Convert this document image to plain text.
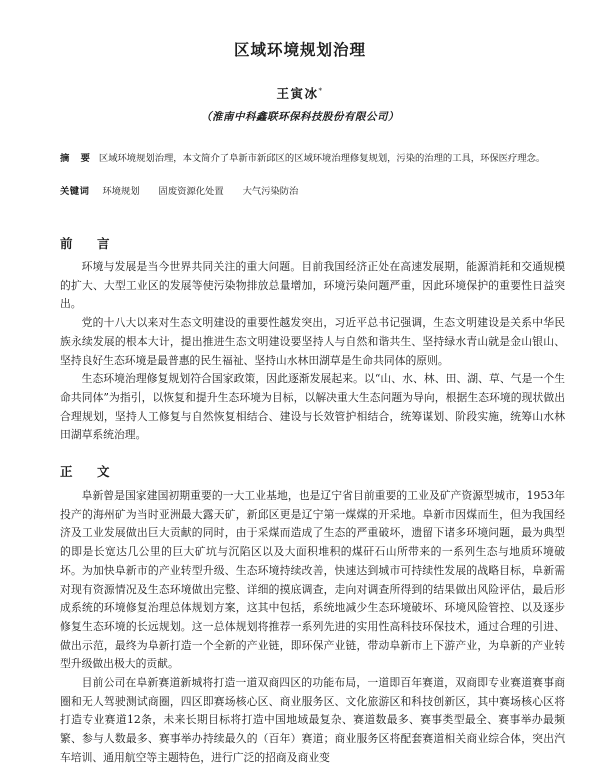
区域环境规划治理
王寅冰*
（淮南中科鑫联环保科技股份有限公司）
摘　要 区域环境规划治理，本文简介了阜新市新邱区的区域环境治理修复规划，污染的治理的工具，环保医疗理念。
关键词 环境规划 固废资源化处置 大气污染防治
前　言

环境与发展是当今世界共同关注的重大问题。目前我国经济正处在高速发展期，能源消耗和交通规模的扩大、大型工业区的发展等使污染物排放总量增加，环境污染问题严重，因此环境保护的重要性日益突出。

党的十八大以来对生态文明建设的重要性越发突出，习近平总书记强调，生态文明建设是关系中华民族永续发展的根本大计，提出推进生态文明建设要坚持人与自然和谐共生、坚持绿水青山就是金山银山、坚持良好生态环境是最普惠的民生福祉、坚持山水林田湖草是生命共同体的原则。

生态环境治理修复规划符合国家政策，因此逐渐发展起来。以“山、水、林、田、湖、草、气是一个生命共同体”为指引，以恢复和提升生态环境为目标，以解决重大生态问题为导向，根据生态环境的现状做出合理规划，坚持人工修复与自然恢复相结合、建设与长效管护相结合，统筹谋划、阶段实施，统筹山水林田湖草系统治理。

正　文

阜新曾是国家建国初期重要的一大工业基地，也是辽宁省目前重要的工业及矿产资源型城市，1953年投产的海州矿为当时亚洲最大露天矿，新邱区更是辽宁第一煤煤的开采地。阜新市因煤而生，但为我国经济及工业发展做出巨大贡献的同时，由于采煤而造成了生态的严重破坏，遗留下诸多环境问题，最为典型的即是长宽达几公里的巨大矿坑与沉陷区以及大面积堆积的煤矸石山所带来的一系列生态与地质环境破坏。为加快阜新市的产业转型升级、生态环境持续改善，快速达到城市可持续性发展的战略目标，阜新需对现有资源情况及生态环境做出完整、详细的摸底调查，走向对调查所得到的结果做出风险评估，最后形成系统的环境修复治理总体规划方案，这其中包括，系统地减少生态环境破坏、环境风险管控、以及逐步修复生态环境的长远规划。这一总体规划将推荐一系列先进的实用性高科技环保技术，通过合理的引进、做出示范，最终为阜新打造一个全新的产业链，即环保产业链，带动阜新市上下游产业，为阜新的产业转型升级做出极大的贡献。

目前公司在阜新赛道新城将打造一道双商四区的功能布局，一道即百年赛道，双商即专业赛道赛事商圈和无人驾驶测试商圈，四区即赛场核心区、商业服务区、文化旅游区和科技创新区，其中赛场核心区将打造专业赛道12条，未来长期目标将打造中国地域最复杂、赛道数最多、赛事类型最全、赛事举办最频繁、参与人数最多、赛事举办持续最久的（百年）赛道；商业服务区将配套赛道相关商业综合体，突出汽车培训、通用航空等主题特色，进行广泛的招商及商业变
